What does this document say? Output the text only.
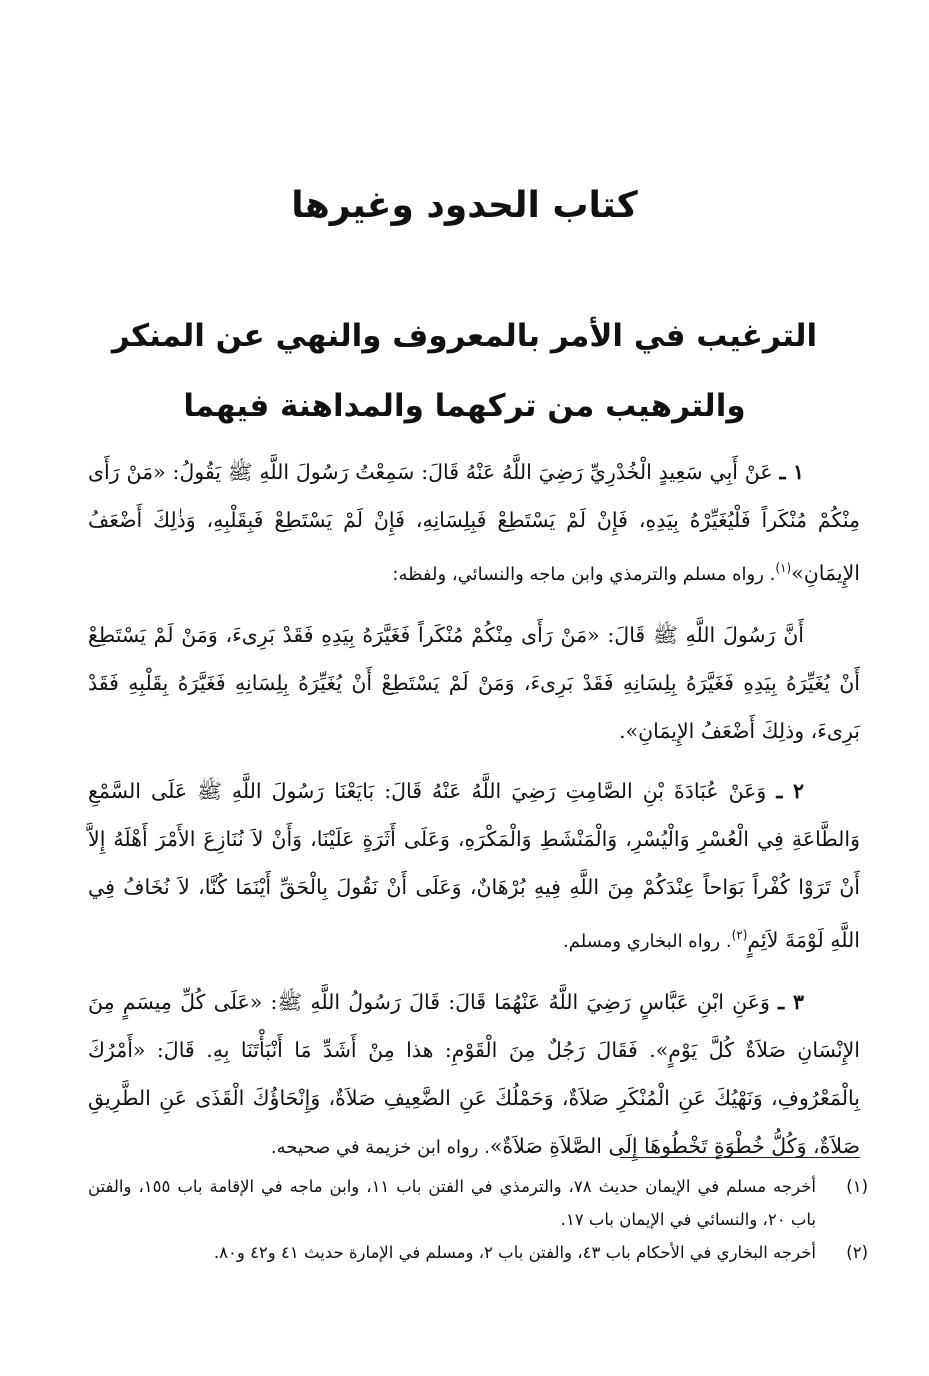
كتاب الحدود وغيرها
الترغيب في الأمر بالمعروف والنهي عن المنكر
والترهيب من تركهما والمداهنة فيهما

١ ـ عَنْ أَبِي سَعِيدٍ الْخُدْرِيِّ رَضِيَ اللَّهُ عَنْهُ قَالَ: سَمِعْتُ رَسُولَ اللَّهِ ﷺ يَقُولُ: «مَنْ رَأَى مِنْكُمْ مُنْكَراً فَلْيُغَيِّرْهُ بِيَدِهِ، فَإِنْ لَمْ يَسْتَطِعْ فَبِلِسَانِهِ، فَإِنْ لَمْ يَسْتَطِعْ فَبِقَلْبِهِ، وَذٰلِكَ أَضْعَفُ الإِيمَانِ»$^{(١)}$. رواه مسلم والترمذي وابن ماجه والنسائي، ولفظه:

أَنَّ رَسُولَ اللَّهِ ﷺ قَالَ: «مَنْ رَأَى مِنْكُمْ مُنْكَراً فَغَيَّرَهُ بِيَدِهِ فَقَدْ بَرِىءَ، وَمَنْ لَمْ يَسْتَطِعْ أَنْ يُغَيِّرَهُ بِيَدِهِ فَغَيَّرَهُ بِلِسَانِهِ فَقَدْ بَرِىءَ، وَمَنْ لَمْ يَسْتَطِعْ أَنْ يُغَيِّرَهُ بِلِسَانِهِ فَغَيَّرَهُ بِقَلْبِهِ فَقَدْ بَرِىءَ، وذلِكَ أَضْعَفُ الإِيمَانِ».

٢ ـ وَعَنْ عُبَادَةَ بْنِ الصَّامِتِ رَضِيَ اللَّهُ عَنْهُ قَالَ: بَايَعْنَا رَسُولَ اللَّهِ ﷺ عَلَى السَّمْعِ وَالطَّاعَةِ فِي الْعُسْرِ وَالْيُسْرِ، وَالْمَنْشَطِ وَالْمَكْرَهِ، وَعَلَى أَثَرَةٍ عَلَيْنَا، وَأَنْ لاَ نُنَازِعَ الأَمْرَ أَهْلَهُ إِلاَّ أَنْ تَرَوْا كُفْراً بَوَاحاً عِنْدَكُمْ مِنَ اللَّهِ فِيهِ بُرْهَانٌ، وَعَلَى أَنْ نَقُولَ بِالْحَقِّ أَيْنَمَا كُنَّا، لاَ نُخَافُ فِي اللَّهِ لَوْمَةَ لاَئِمٍ$^{(٢)}$. رواه البخاري ومسلم.

٣ ـ وَعَنِ ابْنِ عَبَّاسٍ رَضِيَ اللَّهُ عَنْهُمَا قَالَ: قَالَ رَسُولُ اللَّهِ ﷺ: «عَلَى كُلِّ مِيسَمٍ مِنَ الإِنْسَانِ صَلاَةٌ كُلَّ يَوْمٍ». فَقَالَ رَجُلٌ مِنَ الْقَوْمِ: هذا مِنْ أَشَدِّ مَا أَنْبَأْتَنَا بِهِ. قَالَ: «أَمْرُكَ بِالْمَعْرُوفِ، وَنَهْيُكَ عَنِ الْمُنْكَرِ صَلاَةٌ، وَحَمْلُكَ عَنِ الضَّعِيفِ صَلاَةٌ، وَإِنْحَاؤُكَ الْقَذَى عَنِ الطَّرِيقِ صَلاَةٌ، وَكُلُّ خُطْوَةٍ تَخْطُوهَا إِلَى الصَّلاَةِ صَلاَةٌ». رواه ابن خزيمة في صحيحه.

(١)
أخرجه مسلم في الإيمان حديث ٧٨، والترمذي في الفتن باب ١١، وابن ماجه في الإقامة باب ١٥٥، والفتن باب ٢٠، والنسائي في الإيمان باب ١٧.
(٢)
أخرجه البخاري في الأحكام باب ٤٣، والفتن باب ٢، ومسلم في الإمارة حديث ٤١ و٤٢ و٨٠.
